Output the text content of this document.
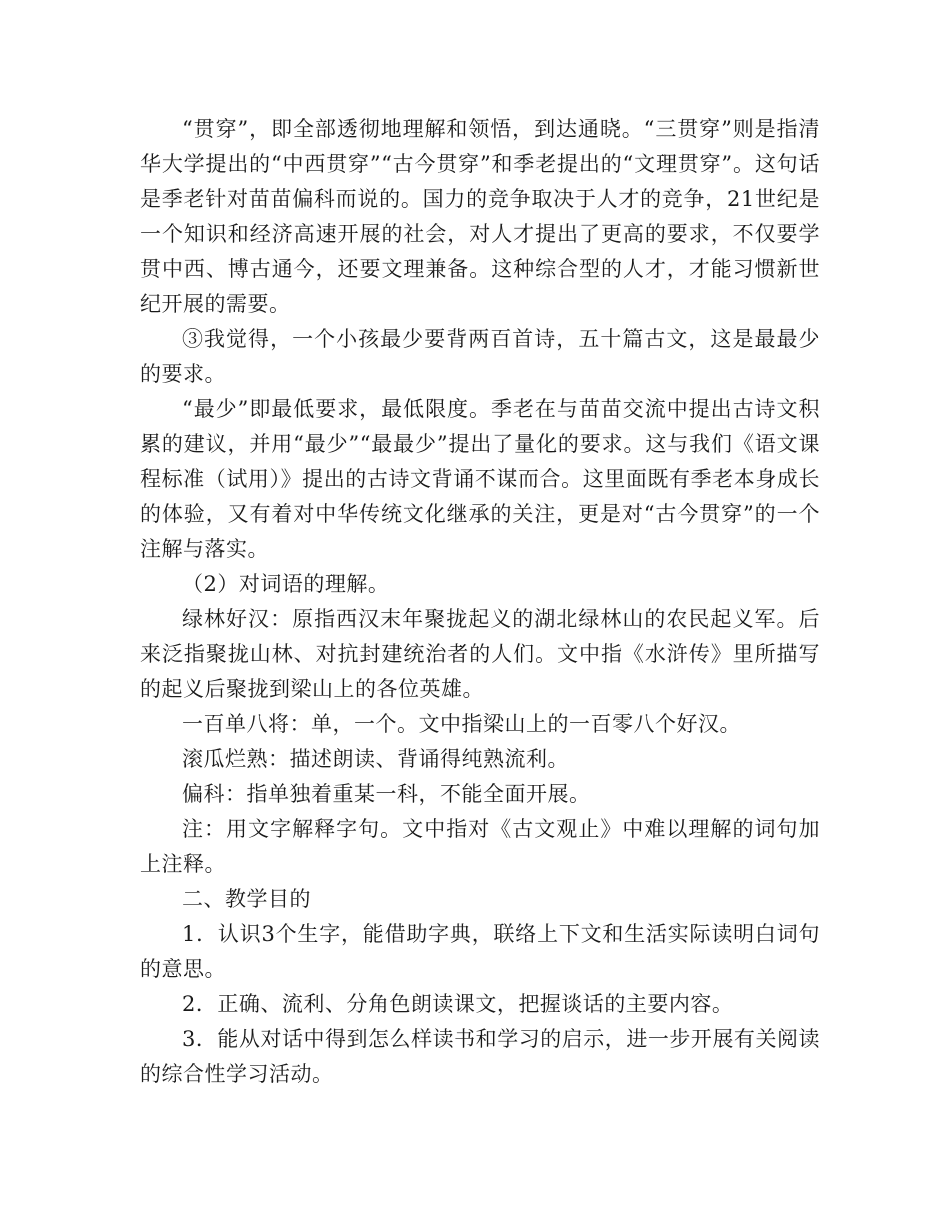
“贯穿”，即全部透彻地理解和领悟，到达通晓。“三贯穿”则是指清华大学提出的“中西贯穿”“古今贯穿”和季老提出的“文理贯穿”。这句话是季老针对苗苗偏科而说的。国力的竞争取决于人才的竞争，21世纪是一个知识和经济高速开展的社会，对人才提出了更高的要求，不仅要学贯中西、博古通今，还要文理兼备。这种综合型的人才，才能习惯新世纪开展的需要。

③我觉得，一个小孩最少要背两百首诗，五十篇古文，这是最最少的要求。

“最少”即最低要求，最低限度。季老在与苗苗交流中提出古诗文积累的建议，并用“最少”“最最少”提出了量化的要求。这与我们《语文课程标准（试用）》提出的古诗文背诵不谋而合。这里面既有季老本身成长的体验，又有着对中华传统文化继承的关注，更是对“古今贯穿”的一个注解与落实。

（2）对词语的理解。

绿林好汉：原指西汉末年聚拢起义的湖北绿林山的农民起义军。后来泛指聚拢山林、对抗封建统治者的人们。文中指《水浒传》里所描写的起义后聚拢到梁山上的各位英雄。

一百单八将：单，一个。文中指梁山上的一百零八个好汉。

滚瓜烂熟：描述朗读、背诵得纯熟流利。

偏科：指单独着重某一科，不能全面开展。

注：用文字解释字句。文中指对《古文观止》中难以理解的词句加上注释。

二、教学目的

1．认识3个生字，能借助字典，联络上下文和生活实际读明白词句的意思。

2．正确、流利、分角色朗读课文，把握谈话的主要内容。

3．能从对话中得到怎么样读书和学习的启示，进一步开展有关阅读的综合性学习活动。
